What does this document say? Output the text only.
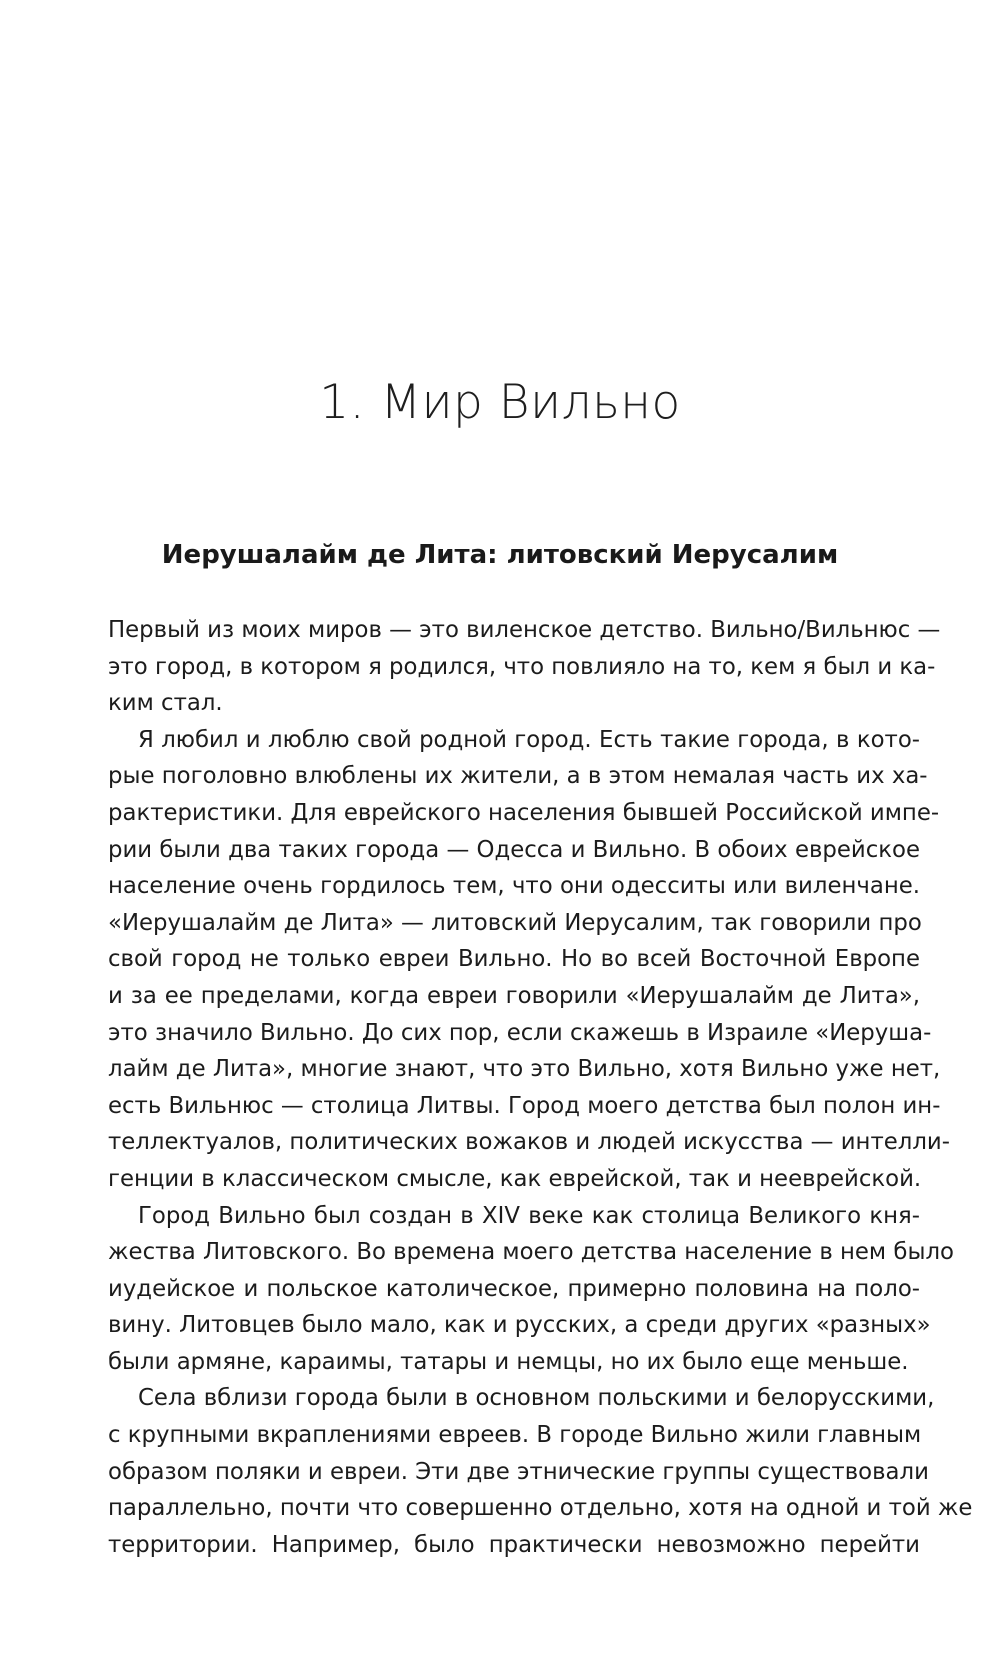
1. Мир Вильно
Иерушалайм де Лита: литовский Иерусалим
Первый из моих миров — это виленское детство. Вильно/Вильнюс —
это город, в котором я родился, что повлияло на то, кем я был и ка-
ким стал.
Я любил и люблю свой родной город. Есть такие города, в кото-
рые поголовно влюблены их жители, а в этом немалая часть их ха-
рактеристики. Для еврейского населения бывшей Российской импе-
рии были два таких города — Одесса и Вильно. В обоих еврейское
население очень гордилось тем, что они одесситы или виленчане.
«Иерушалайм де Лита» — литовский Иерусалим, так говорили про
свой город не только евреи Вильно. Но во всей Восточной Европе
и за ее пределами, когда евреи говорили «Иерушалайм де Лита»,
это значило Вильно. До сих пор, если скажешь в Израиле «Иеруша-
лайм де Лита», многие знают, что это Вильно, хотя Вильно уже нет,
есть Вильнюс — столица Литвы. Город моего детства был полон ин-
теллектуалов, политических вожаков и людей искусства — интелли-
генции в классическом смысле, как еврейской, так и нееврейской.
Город Вильно был создан в XIV веке как столица Великого кня-
жества Литовского. Во времена моего детства население в нем было
иудейское и польское католическое, примерно половина на поло-
вину. Литовцев было мало, как и русских, а среди других «разных»
были армяне, караимы, татары и немцы, но их было еще меньше.
Села вблизи города были в основном польскими и белорусскими,
с крупными вкраплениями евреев. В городе Вильно жили главным
образом поляки и евреи. Эти две этнические группы существовали
параллельно, почти что совершенно отдельно, хотя на одной и той же
территории. Например, было практически невозможно перейти
